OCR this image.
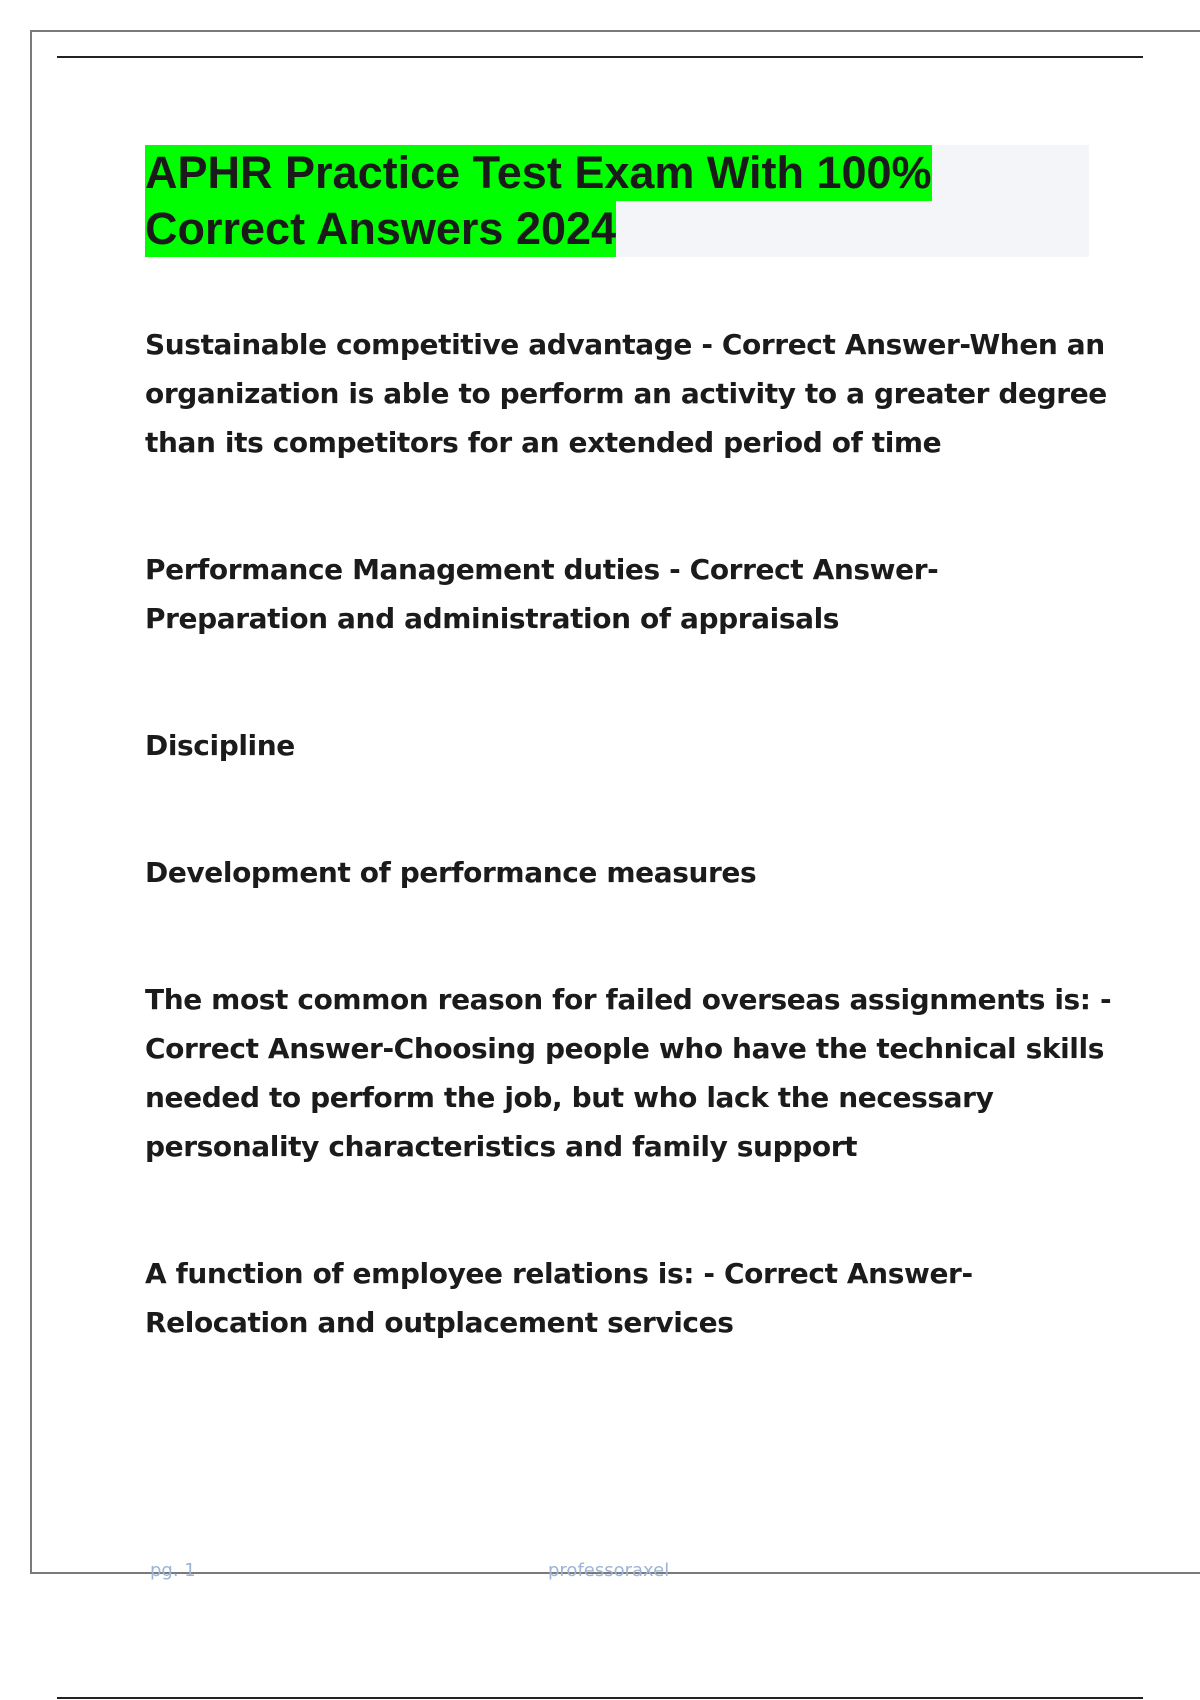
APHR Practice Test Exam With 100%
Correct Answers 2024
Sustainable competitive advantage - Correct Answer-When an
organization is able to perform an activity to a greater degree
than its competitors for an extended period of time
Performance Management duties - Correct Answer-
Preparation and administration of appraisals
Discipline
Development of performance measures
The most common reason for failed overseas assignments is: -
Correct Answer-Choosing people who have the technical skills
needed to perform the job, but who lack the necessary
personality characteristics and family support
A function of employee relations is: - Correct Answer-
Relocation and outplacement services
pg. 1	professoraxel
